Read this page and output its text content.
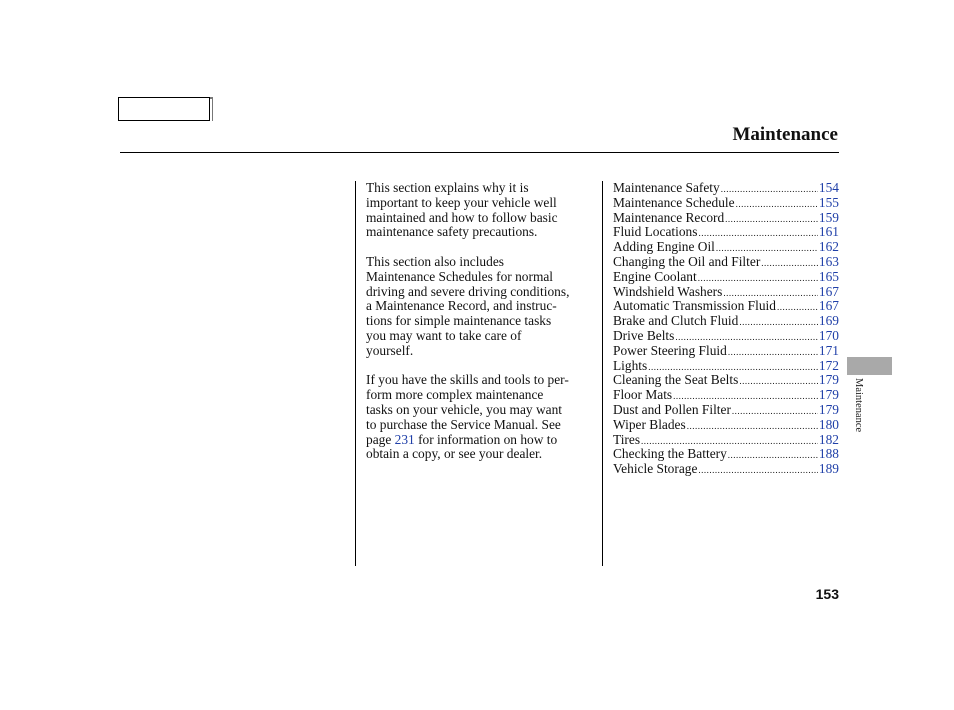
Maintenance

This section explains why it is
important to keep your vehicle well
maintained and how to follow basic
maintenance safety precautions.

This section also includes
Maintenance Schedules for normal
driving and severe driving conditions,
a Maintenance Record, and instruc-
tions for simple maintenance tasks
you may want to take care of
yourself.

If you have the skills and tools to per-
form more complex maintenance
tasks on your vehicle, you may want
to purchase the Service Manual. See
page 231 for information on how to
obtain a copy, or see your dealer.

Maintenance Safety .....	154
Maintenance Schedule .....	155
Maintenance Record .....	159
Fluid Locations .....	161
Adding Engine Oil .....	162
Changing the Oil and Filter .....	163
Engine Coolant .....	165
Windshield Washers .....	167
Automatic Transmission Fluid .....	167
Brake and Clutch Fluid .....	169
Drive Belts .....	170
Power Steering Fluid .....	171
Lights .....	172
Cleaning the Seat Belts .....	179
Floor Mats .....	179
Dust and Pollen Filter .....	179
Wiper Blades .....	180
Tires .....	182
Checking the Battery .....	188
Vehicle Storage .....	189
Maintenance
153
